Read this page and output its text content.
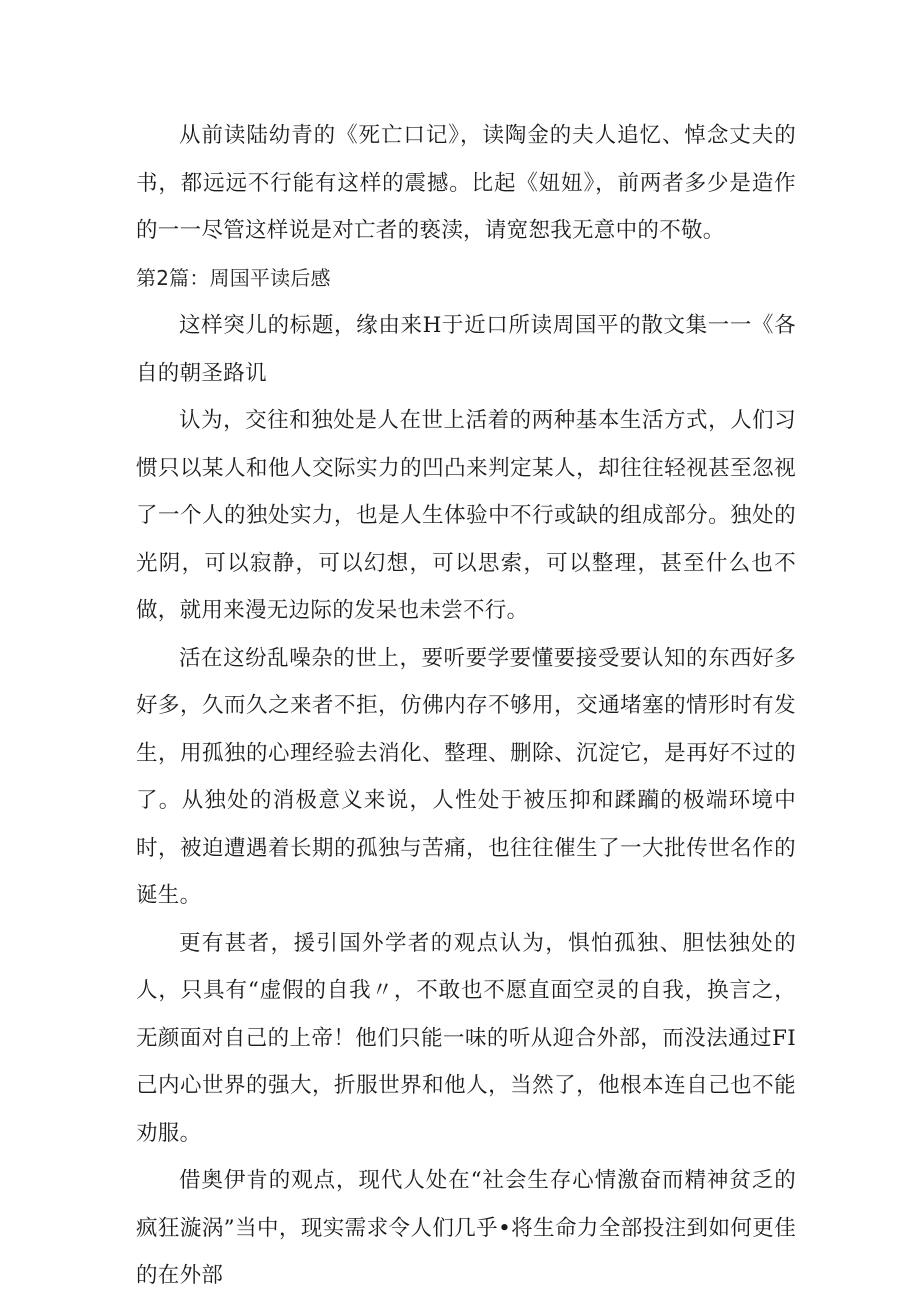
从前读陆幼青的《死亡口记》，读陶金的夫人追忆、悼念丈夫的书，都远远不行能有这样的震撼。比起《妞妞》，前两者多少是造作的一一尽管这样说是对亡者的亵渎，请宽恕我无意中的不敬。

第2篇：周国平读后感

这样突儿的标题，缘由来H于近口所读周国平的散文集一一《各自的朝圣路讥

认为，交往和独处是人在世上活着的两种基本生活方式，人们习惯只以某人和他人交际实力的凹凸来判定某人，却往往轻视甚至忽视了一个人的独处实力，也是人生体验中不行或缺的组成部分。独处的光阴，可以寂静，可以幻想，可以思索，可以整理，甚至什么也不做，就用来漫无边际的发呆也未尝不行。

活在这纷乱噪杂的世上，要听要学要懂要接受要认知的东西好多好多，久而久之来者不拒，仿佛内存不够用，交通堵塞的情形时有发生，用孤独的心理经验去消化、整理、删除、沉淀它，是再好不过的了。从独处的消极意义来说，人性处于被压抑和蹂躏的极端环境中时，被迫遭遇着长期的孤独与苦痛，也往往催生了一大批传世名作的诞生。

更有甚者，援引国外学者的观点认为，惧怕孤独、胆怯独处的人，只具有“虚假的自我〃，不敢也不愿直面空灵的自我，换言之，无颜面对自己的上帝！他们只能一味的听从迎合外部，而没法通过FI己内心世界的强大，折服世界和他人，当然了，他根本连自己也不能劝服。

借奥伊肯的观点，现代人处在“社会生存心情激奋而精神贫乏的疯狂漩涡”当中，现实需求令人们几乎•将生命力全部投注到如何更佳的在外部
